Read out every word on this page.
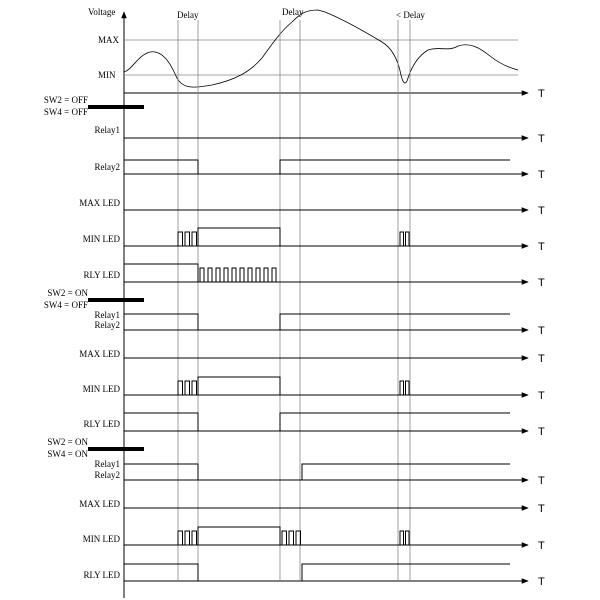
Voltage
MAX
MIN
Delay	Delay	< Delay
T
SW2 = OFF
SW4 = OFF
Relay1
T
Relay2
T
MAX LED
T
MIN LED
T
RLY LED
T
SW2 = ON
SW4 = OFF
Relay1
Relay2	T
MAX LED	T
MIN LED
T
RLY LED
T
SW2 = ON
SW4 = ON
Relay1
Relay2	T
MAX LED	T
MIN LED
T
RLY LED
T
